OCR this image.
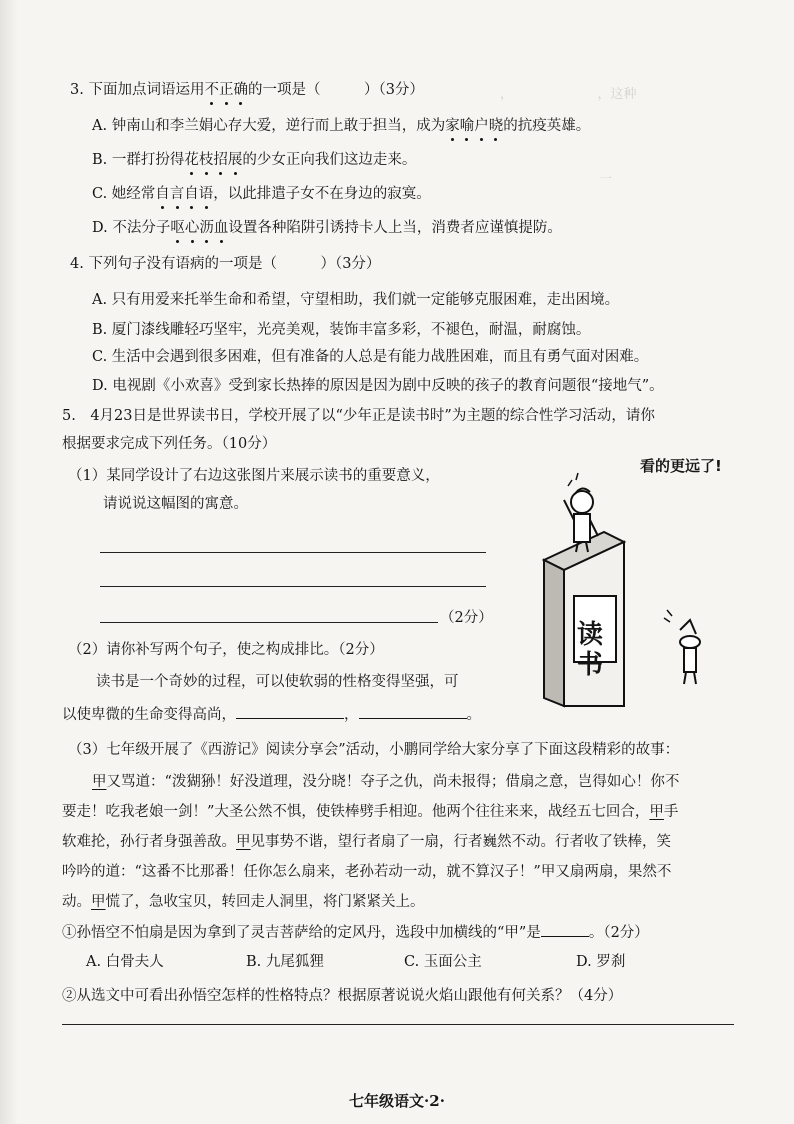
，　　　　　　　，这种　　　　
　　　一　　　　　　　　　

3. 下面加点词语运用不正确的一项是（　　　）（3分）
A. 钟南山和李兰娟心存大爱，逆行而上敢于担当，成为家喻户晓的抗疫英雄。
B. 一群打扮得花枝招展的少女正向我们这边走来。
C. 她经常自言自语，以此排遣子女不在身边的寂寞。
D. 不法分子呕心沥血设置各种陷阱引诱持卡人上当，消费者应谨慎提防。
4. 下列句子没有语病的一项是（　　　）（3分）
A. 只有用爱来托举生命和希望，守望相助，我们就一定能够克服困难，走出困境。
B. 厦门漆线雕轻巧坚牢，光亮美观，装饰丰富多彩，不褪色，耐温，耐腐蚀。
C. 生活中会遇到很多困难，但有准备的人总是有能力战胜困难，而且有勇气面对困难。
D. 电视剧《小欢喜》受到家长热捧的原因是因为剧中反映的孩子的教育问题很“接地气”。
5.　4月23日是世界读书日，学校开展了以“少年正是读书时”为主题的综合性学习活动，请你
根据要求完成下列任务。（10分）
（1）某同学设计了右边这张图片来展示读书的重要意义，
请说说这幅图的寓意。
（2分）
看的更远了!
读书
（2）请你补写两个句子，使之构成排比。（2分）
读书是一个奇妙的过程，可以使软弱的性格变得坚强，可
以使卑微的生命变得高尚，	，	。
（3）七年级开展了《西游记》阅读分享会”活动，小鹏同学给大家分享了下面这段精彩的故事：
甲又骂道：“泼猢狲！好没道理，没分晓！夺子之仇，尚未报得；借扇之意，岂得如心！你不
要走！吃我老娘一剑！”大圣公然不惧，使铁棒劈手相迎。他两个往往来来，战经五七回合，甲手
软难抡，孙行者身强善敌。甲见事势不谐，望行者扇了一扇，行者巍然不动。行者收了铁棒，笑
吟吟的道：“这番不比那番！任你怎么扇来，老孙若动一动，就不算汉子！”甲又扇两扇，果然不
动。甲慌了，急收宝贝，转回走人洞里，将门紧紧关上。
①孙悟空不怕扇是因为拿到了灵吉菩萨给的定风丹，选段中加横线的“甲”是	。（2分）
A. 白骨夫人	B. 九尾狐狸	C. 玉面公主	D. 罗刹
②从选文中可看出孙悟空怎样的性格特点？根据原著说说火焰山跟他有何关系？（4分）
七年级语文·2·
